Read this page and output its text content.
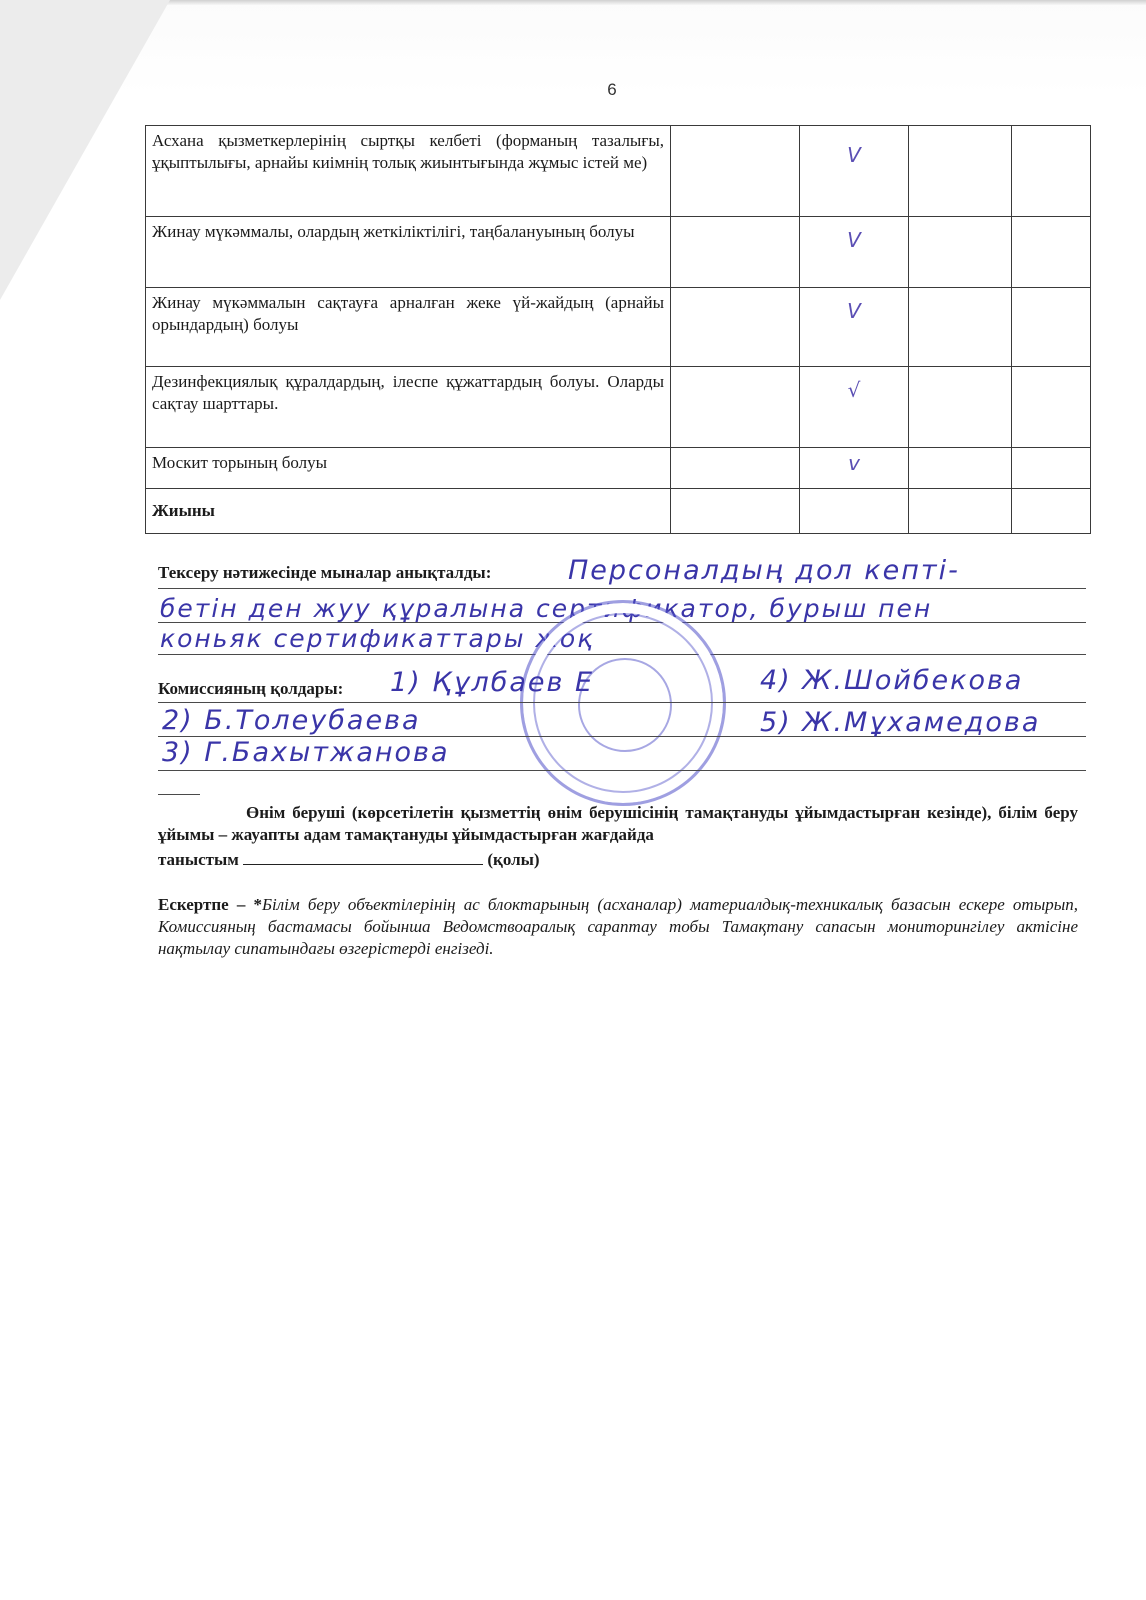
6
Асхана қызметкерлерінің сыртқы келбеті (форманың тазалығы, ұқыптылығы, арнайы киімнің толық жиынтығында жұмыс істей ме)		V		

Жинау мүкәммалы, олардың жеткіліктілігі, таңбалануының болуы		V		

Жинау мүкәммалын сақтауға арналған жеке үй-жайдың (арнайы орындардың) болуы		V		

Дезинфекциялық құралдардың, ілеспе құжаттардың болуы. Оларды сақтау шарттары.		√		

Москит торының болуы		v		

Жиыны				
Тексеру нәтижесінде мыналар анықталды:	Персоналдың дол кепті-
бетін ден жуу құралына сертификатор, бурыш пен
коньяк сертификаттары жоқ
Комиссияның қолдары: 1) Құлбаев Е	4) Ж.Шойбекова
2) Б.Толеубаева	5) Ж.Мұхамедова
3) Г.Бахытжанова
Өнім беруші (көрсетілетін қызметтің өнім берушісінің тамақтануды ұйымдастырған кезінде), білім беру ұйымы – жауапты адам тамақтануды ұйымдастырған жағдайда
таныстым	(қолы)
Ескертпе – *Білім беру объектілерінің ас блоктарының (асханалар) материалдық-техникалық базасын ескере отырып, Комиссияның бастамасы бойынша Ведомствоаралық сараптау тобы Тамақтану сапасын мониторингілеу актісіне нақтылау сипатындағы өзгерістерді енгізеді.
